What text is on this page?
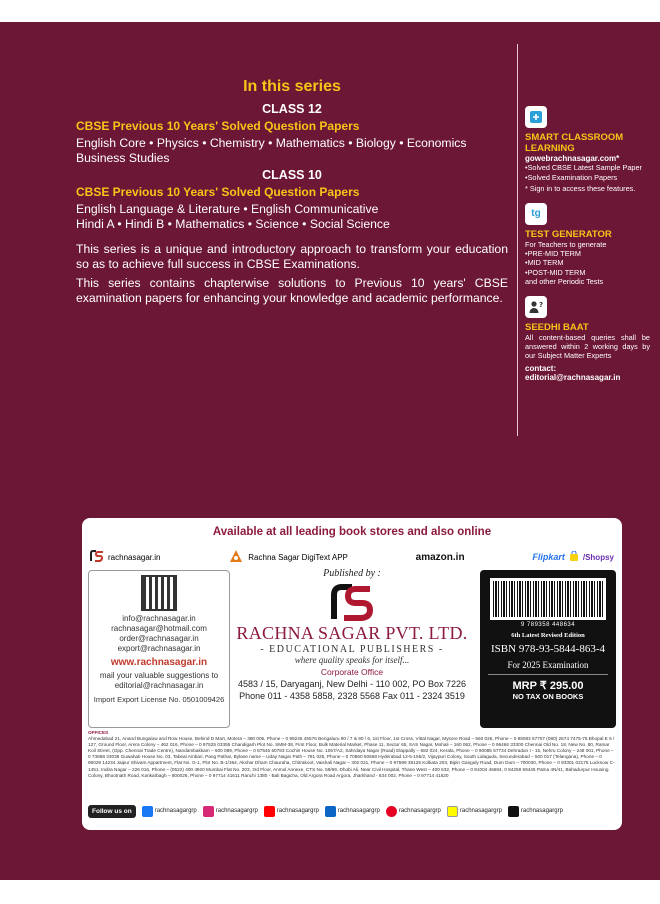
In this series
CLASS 12
CBSE Previous 10 Years' Solved Question Papers
English Core • Physics • Chemistry • Mathematics • Biology • Economics
Business Studies
CLASS 10
CBSE Previous 10 Years' Solved Question Papers
English Language & Literature • English Communicative
Hindi A • Hindi B • Mathematics • Science • Social Science

This series is a unique and introductory approach to transform your education so as to achieve full success in CBSE Examinations.

This series contains chapterwise solutions to Previous 10 years' CBSE examination papers for enhancing your knowledge and academic performance.

SMART CLASSROOM LEARNING
gowebrachnasagar.com*
• Solved CBSE Latest Sample Paper
• Solved Examination Papers
* Sign in to access these features.
tg
TEST GENERATOR
For Teachers to generate
• PRE-MID TERM
• MID TERM
• POST-MID TERM
and other Periodic Tests
?
SEEDHI BAAT
All content-based queries shall be answered within 2 working days by our Subject Matter Experts
contact:
editorial@rachnasagar.in
Available at all leading book stores and also online
rachnasagar.in	Rachna Sagar DigiText APP	amazon.in	Flipkart /Shopsy
info@rachnasagar.in
rachnasagar@hotmail.com
order@rachnasagar.in
export@rachnasagar.in
www.rachnasagar.in
mail your valuable suggestions to
editorial@rachnasagar.in
Import Export License No. 0501009426
Published by :
RACHNA SAGAR PVT. LTD.
- EDUCATIONAL PUBLISHERS -
where quality speaks for itself...
Corporate Office
4583 / 15, Daryaganj, New Delhi - 110 002, PO Box 7226
Phone 011 - 4358 5858, 2328 5568 Fax 011 - 2324 3519
9 789358 448634
6th Latest Revised Edition
ISBN 978-93-5844-863-4
For 2025 Examination
MRP ₹ 295.00
NO TAX ON BOOKS
OFFICES
Ahmedabad 21, Anand Bungalow and Row House, Behind D Mart, Motera – 380 005, Phone – 0 99245 45576 Bengaluru 90 / 7 & 90 / 6, 1st Floor, 1st Cross, Vittal Nagar, Mysore Road – 560 026, Phone – 0 98083 57707 (080) 2674 7475-76 Bhopal E 6 / 127, Ground Floor, Arera Colony – 462 016, Phone – 0 97525 03355 Chandigarh Plot No. SMM-38, First Floor, Bulk Material Market, Phase 11, Sector 65, SAS Nagar, Mohali – 160 062, Phone – 0 96466 33300 Chennai Old No. 18, New No. 80, Ramar Koil Street, (Opp. Chennai Trade Centre), Nandambakkam – 600 089, Phone – 0 87545 60783 Cochin House No. 1067/A2, Sahrdaya Nagar (Road) Elappally – 682 024, Kerala, Phone – 0 90085 57734 Dehradun I - 15, Nehru Colony – 248 001, Phone – 0 73868 33038 Guwahati House No. 03, Tabeal Ambari, Pang Pathar, Bylane name – Uday Nagar Path – 781 025, Phone – 0 70860 50668 Hyderabad 12-5-155/2, Vijaypuri Colony, South Lalaguda, Secunderabad – 500 017 (Telangana), Phone – 0 96029 14234 Jaipur Shivam Appartment, Flat No. G-1, Plot No. B-1/364, Akshar Dham Chauraha, Chitrakoot, Vaishali Nagar – 302 021, Phone – 0 97599 38125 Kolkata 203, Bipin Ganguly Road, Dum Dum – 700030, Phone – 0 93301 02176 Lucknow C-1451, Indira Nagar – 226 016, Phone – (0522) 400 4920 Mumbai Flat No. 203, 3rd Floor, Anmol Annexe, CTS No. 59/69, Dhobi Ali, Near Civil Hospital, Thane West – 400 632, Phone – 0 81004 46684, 0 84258 69445 Patna 4N/41, Bahadurpur Housing Colony, Bhootnath Road, Kankarbagh – 800026, Phone – 0 97714 41611 Ranchi 1380 - Bali Bagicha, Old Argora Road Argora, Jharkhand - 834 002, Phone – 0 97714 41620
Follow us on	rachnasagargrp	rachnasagargrp	rachnasagargrp	rachnasagargrp	rachnasagargrp	rachnasagargrp	rachnasagargrp
